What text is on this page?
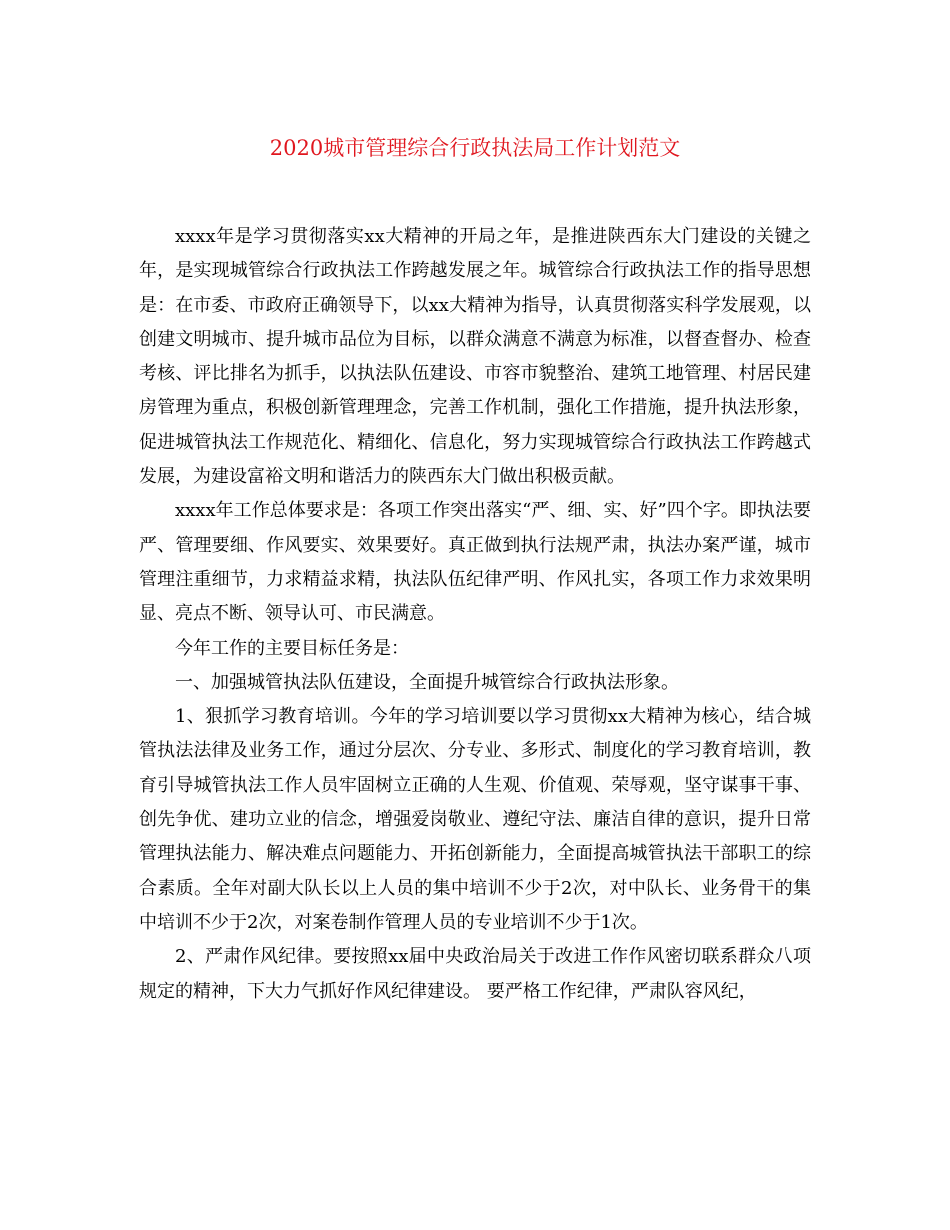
2020城市管理综合行政执法局工作计划范文

xxxx年是学习贯彻落实xx大精神的开局之年，是推进陕西东大门建设的关键之年，是实现城管综合行政执法工作跨越发展之年。城管综合行政执法工作的指导思想是：在市委、市政府正确领导下，以xx大精神为指导，认真贯彻落实科学发展观，以创建文明城市、提升城市品位为目标，以群众满意不满意为标准，以督查督办、检查考核、评比排名为抓手，以执法队伍建设、市容市貌整治、建筑工地管理、村居民建房管理为重点，积极创新管理理念，完善工作机制，强化工作措施，提升执法形象，促进城管执法工作规范化、精细化、信息化，努力实现城管综合行政执法工作跨越式发展，为建设富裕文明和谐活力的陕西东大门做出积极贡献。

xxxx年工作总体要求是：各项工作突出落实“严、细、实、好”四个字。即执法要严、管理要细、作风要实、效果要好。真正做到执行法规严肃，执法办案严谨，城市管理注重细节，力求精益求精，执法队伍纪律严明、作风扎实，各项工作力求效果明显、亮点不断、领导认可、市民满意。

今年工作的主要目标任务是：

一、加强城管执法队伍建设，全面提升城管综合行政执法形象。

1、狠抓学习教育培训。今年的学习培训要以学习贯彻xx大精神为核心，结合城管执法法律及业务工作，通过分层次、分专业、多形式、制度化的学习教育培训，教育引导城管执法工作人员牢固树立正确的人生观、价值观、荣辱观，坚守谋事干事、创先争优、建功立业的信念，增强爱岗敬业、遵纪守法、廉洁自律的意识，提升日常管理执法能力、解决难点问题能力、开拓创新能力，全面提高城管执法干部职工的综合素质。全年对副大队长以上人员的集中培训不少于2次，对中队长、业务骨干的集中培训不少于2次，对案卷制作管理人员的专业培训不少于1次。

2、严肃作风纪律。要按照xx届中央政治局关于改进工作作风密切联系群众八项规定的精神，下大力气抓好作风纪律建设。 要严格工作纪律，严肃队容风纪，
